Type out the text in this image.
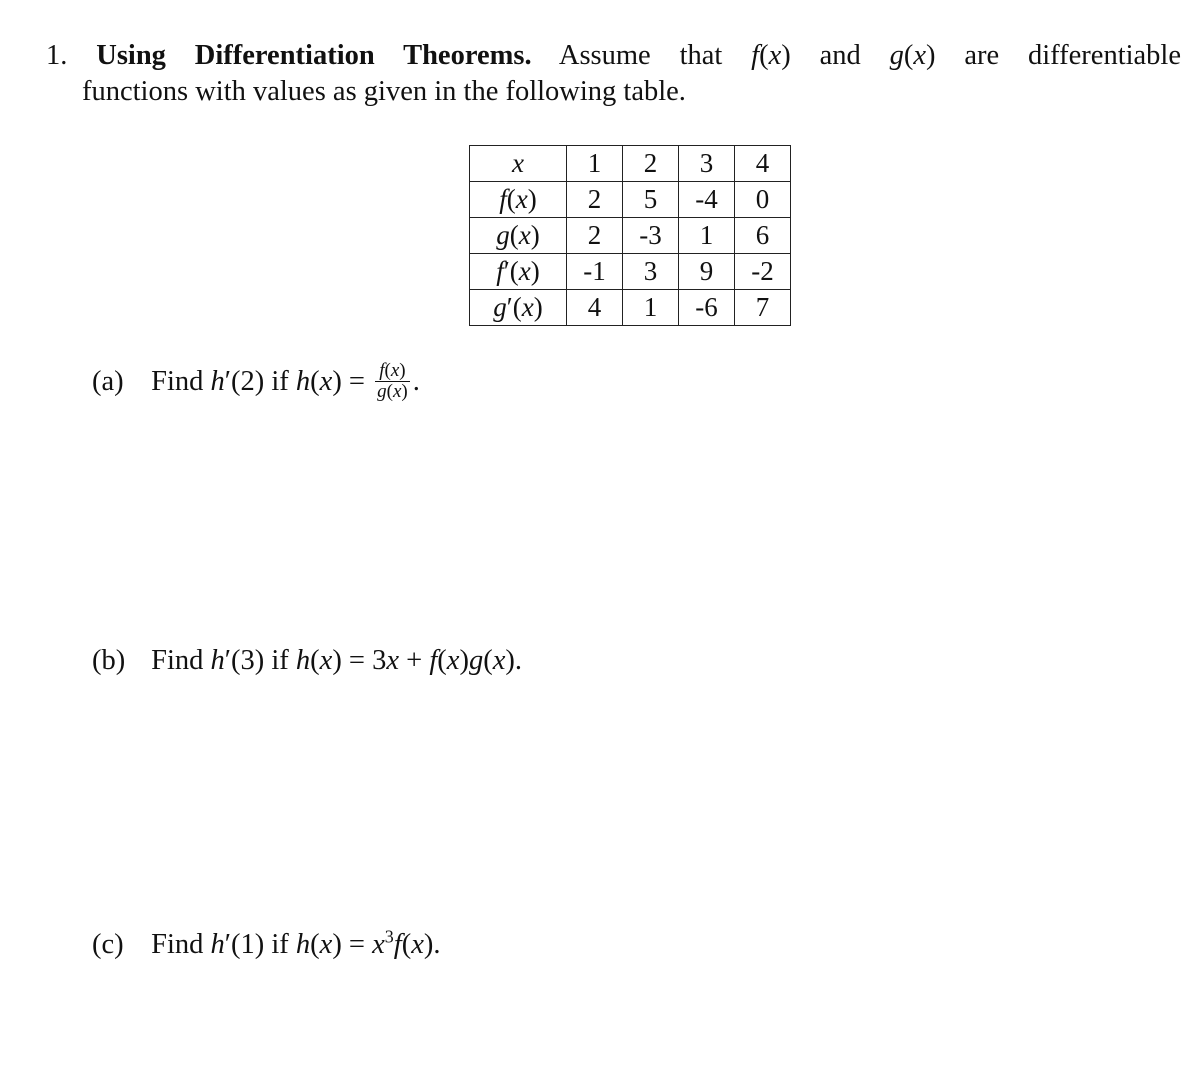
1. Using Differentiation Theorems. Assume that f(x) and g(x) are differentiable
functions with values as given in the following table.
x	1	2	3	4
f(x)	2	5	-4	0
g(x)	2	-3	1	6
f′(x)	-1	3	9	-2
g′(x)	4	1	-6	7
(a) Find h′(2) if $h(x) = \frac{f(x)}{g(x)}$ .
(b) Find h′(3) if h(x) = 3x + f(x)g(x).
(c) Find h′(1) if $h(x) = x^3f(x)$.
